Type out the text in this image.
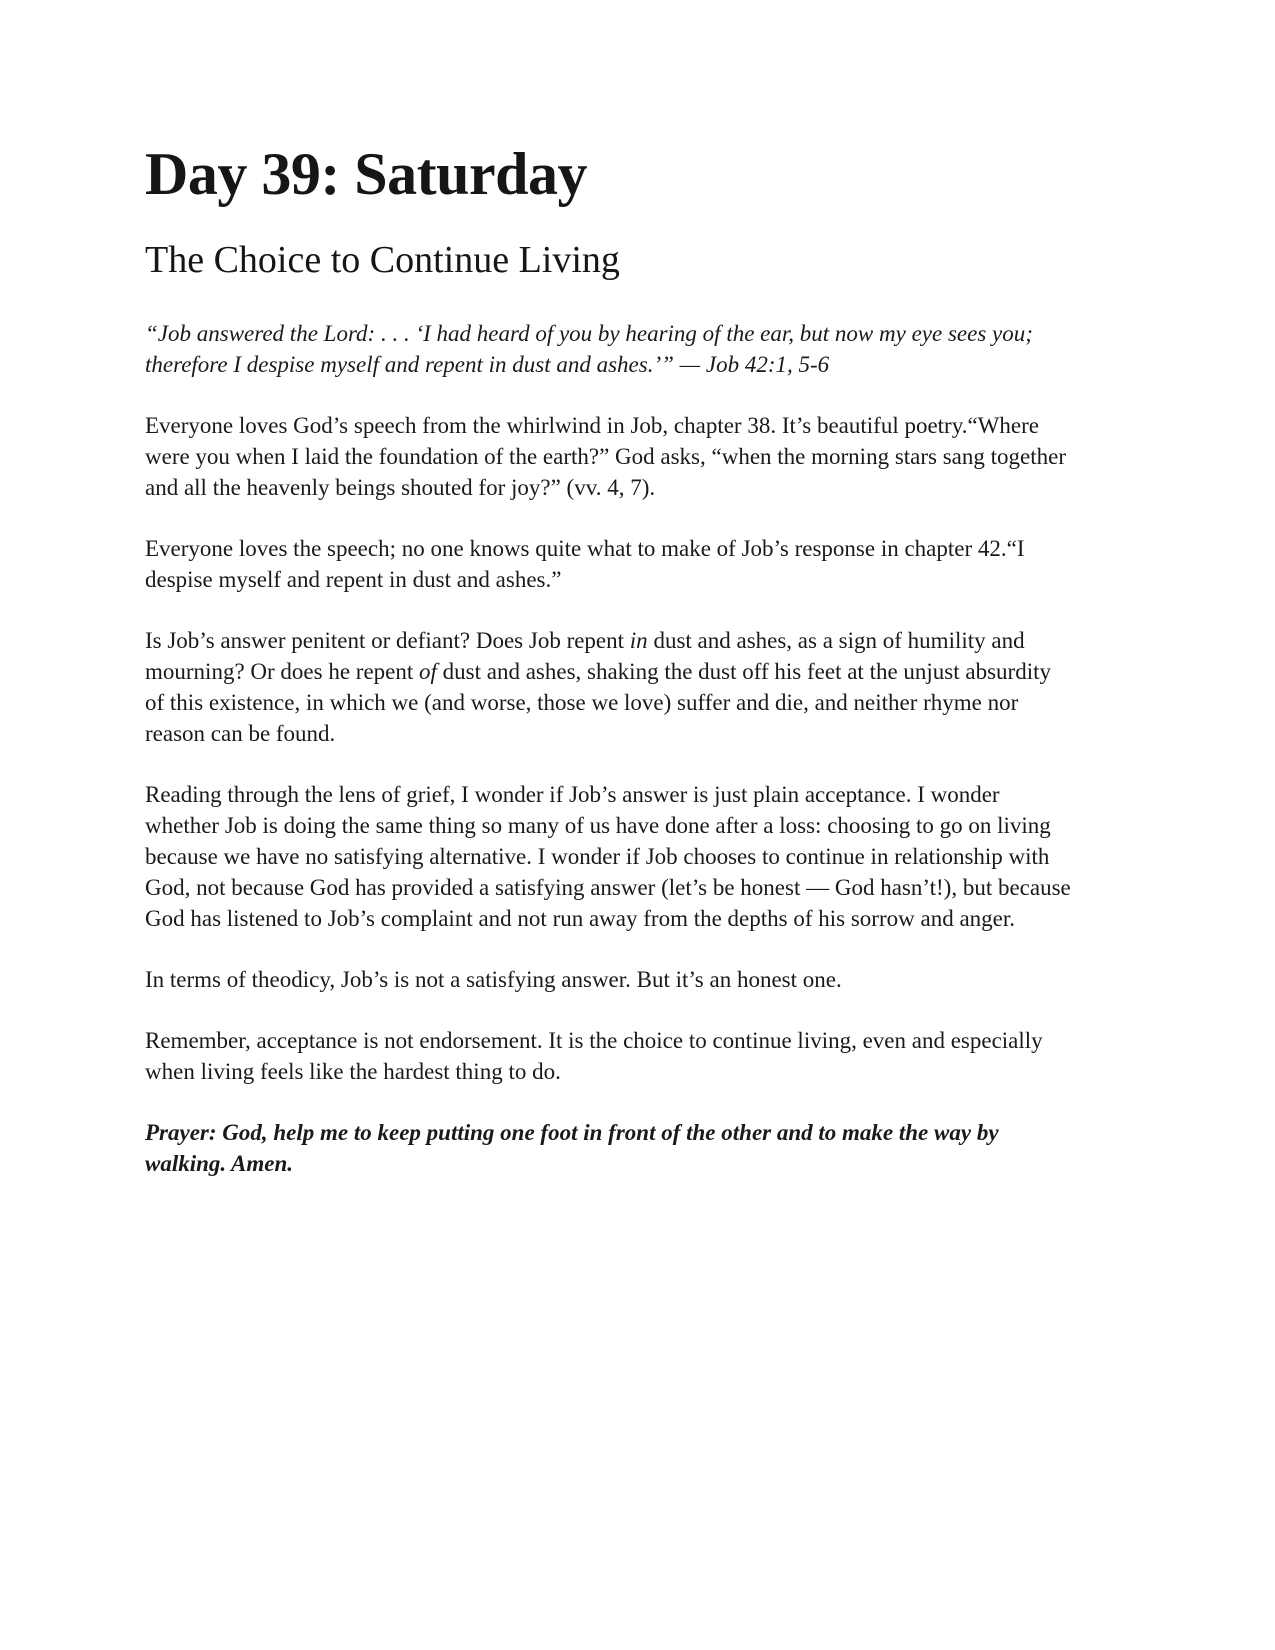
Day 39: Saturday
The Choice to Continue Living

“Job answered the Lord: . . . ‘I had heard of you by hearing of the ear, but now my eye sees you; therefore I despise myself and repent in dust and ashes.’” — Job 42:1, 5-6

Everyone loves God’s speech from the whirlwind in Job, chapter 38. It’s beautiful poetry.“Where were you when I laid the foundation of the earth?” God asks, “when the morning stars sang together and all the heavenly beings shouted for joy?” (vv. 4, 7).

Everyone loves the speech; no one knows quite what to make of Job’s response in chapter 42.“I despise myself and repent in dust and ashes.”

Is Job’s answer penitent or defiant? Does Job repent in dust and ashes, as a sign of humility and mourning? Or does he repent of dust and ashes, shaking the dust off his feet at the unjust absurdity of this existence, in which we (and worse, those we love) suffer and die, and neither rhyme nor reason can be found.

Reading through the lens of grief, I wonder if Job’s answer is just plain acceptance. I wonder whether Job is doing the same thing so many of us have done after a loss: choosing to go on living because we have no satisfying alternative. I wonder if Job chooses to continue in relationship with God, not because God has provided a satisfying answer (let’s be honest — God hasn’t!), but because God has listened to Job’s complaint and not run away from the depths of his sorrow and anger.

In terms of theodicy, Job’s is not a satisfying answer. But it’s an honest one.

Remember, acceptance is not endorsement. It is the choice to continue living, even and especially when living feels like the hardest thing to do.

Prayer: God, help me to keep putting one foot in front of the other and to make the way by walking. Amen.
